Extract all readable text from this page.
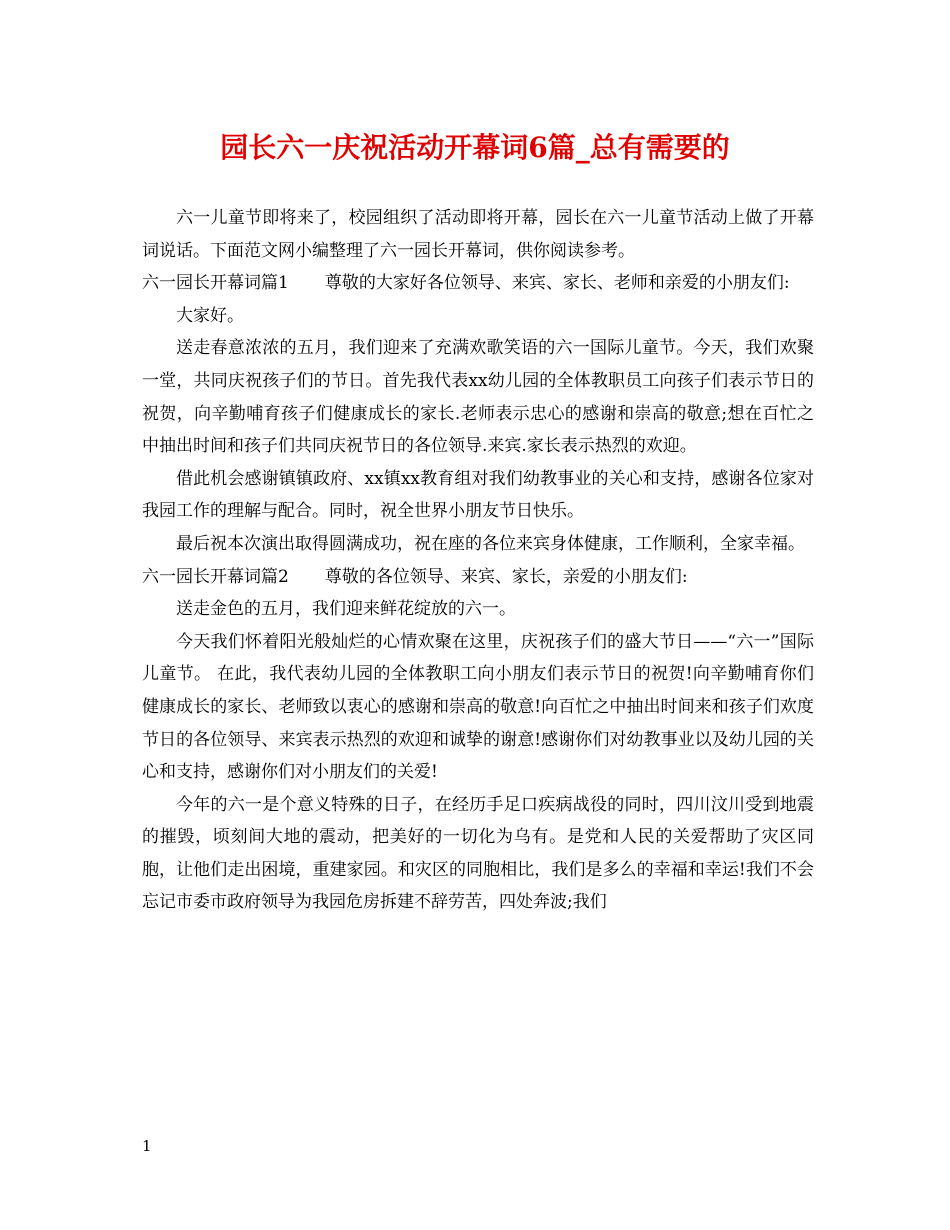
园长六一庆祝活动开幕词6篇_总有需要的

六一儿童节即将来了，校园组织了活动即将开幕，园长在六一儿童节活动上做了开幕词说话。下面范文网小编整理了六一园长开幕词，供你阅读参考。

六一园长开幕词篇1 尊敬的大家好各位领导、来宾、家长、老师和亲爱的小朋友们:

大家好。

送走春意浓浓的五月，我们迎来了充满欢歌笑语的六一国际儿童节。今天，我们欢聚一堂，共同庆祝孩子们的节日。首先我代表xx幼儿园的全体教职员工向孩子们表示节日的祝贺，向辛勤哺育孩子们健康成长的家长.老师表示忠心的感谢和崇高的敬意;想在百忙之中抽出时间和孩子们共同庆祝节日的各位领导.来宾.家长表示热烈的欢迎。

借此机会感谢镇镇政府、xx镇xx教育组对我们幼教事业的关心和支持，感谢各位家对我园工作的理解与配合。同时，祝全世界小朋友节日快乐。

最后祝本次演出取得圆满成功，祝在座的各位来宾身体健康，工作顺利，全家幸福。

六一园长开幕词篇2 尊敬的各位领导、来宾、家长，亲爱的小朋友们:

送走金色的五月，我们迎来鲜花绽放的六一。

今天我们怀着阳光般灿烂的心情欢聚在这里，庆祝孩子们的盛大节日——“六一”国际儿童节。 在此，我代表幼儿园的全体教职工向小朋友们表示节日的祝贺!向辛勤哺育你们健康成长的家长、老师致以衷心的感谢和崇高的敬意!向百忙之中抽出时间来和孩子们欢度节日的各位领导、来宾表示热烈的欢迎和诚挚的谢意!感谢你们对幼教事业以及幼儿园的关心和支持，感谢你们对小朋友们的关爱!

今年的六一是个意义特殊的日子，在经历手足口疾病战役的同时，四川汶川受到地震的摧毁，顷刻间大地的震动，把美好的一切化为乌有。是党和人民的关爱帮助了灾区同胞，让他们走出困境，重建家园。和灾区的同胞相比，我们是多么的幸福和幸运!我们不会忘记市委市政府领导为我园危房拆建不辞劳苦，四处奔波;我们

1
